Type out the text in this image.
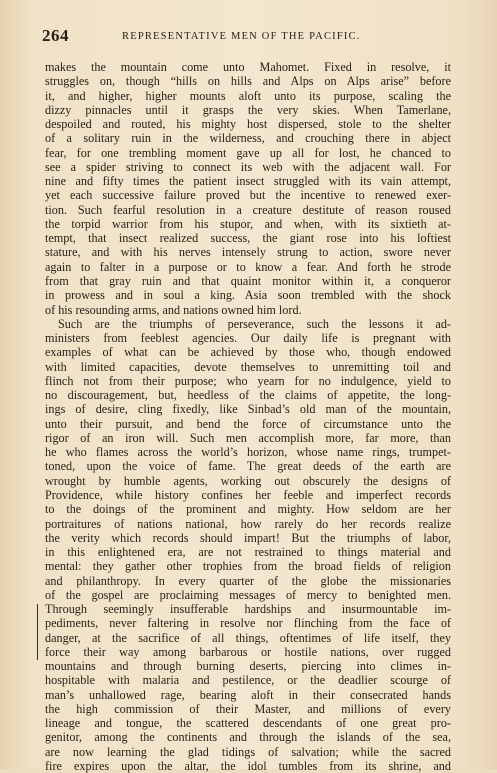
264	REPRESENTATIVE MEN OF THE PACIFIC.
makes the mountain come unto Mahomet. Fixed in resolve, it
struggles on, though “hills on hills and Alps on Alps arise” before
it, and higher, higher mounts aloft unto its purpose, scaling the
dizzy pinnacles until it grasps the very skies. When Tamerlane,
despoiled and routed, his mighty host dispersed, stole to the shelter
of a solitary ruin in the wilderness, and crouching there in abject
fear, for one trembling moment gave up all for lost, he chanced to
see a spider striving to connect its web with the adjacent wall. For
nine and fifty times the patient insect struggled with its vain attempt,
yet each successive failure proved but the incentive to renewed exer-
tion. Such fearful resolution in a creature destitute of reason roused
the torpid warrior from his stupor, and when, with its sixtieth at-
tempt, that insect realized success, the giant rose into his loftiest
stature, and with his nerves intensely strung to action, swore never
again to falter in a purpose or to know a fear. And forth he strode
from that gray ruin and that quaint monitor within it, a conqueror
in prowess and in soul a king. Asia soon trembled with the shock
of his resounding arms, and nations owned him lord.
Such are the triumphs of perseverance, such the lessons it ad-
ministers from feeblest agencies. Our daily life is pregnant with
examples of what can be achieved by those who, though endowed
with limited capacities, devote themselves to unremitting toil and
flinch not from their purpose; who yearn for no indulgence, yield to
no discouragement, but, heedless of the claims of appetite, the long-
ings of desire, cling fixedly, like Sinbad’s old man of the mountain,
unto their pursuit, and bend the force of circumstance unto the
rigor of an iron will. Such men accomplish more, far more, than
he who flames across the world’s horizon, whose name rings, trumpet-
toned, upon the voice of fame. The great deeds of the earth are
wrought by humble agents, working out obscurely the designs of
Providence, while history confines her feeble and imperfect records
to the doings of the prominent and mighty. How seldom are her
portraitures of nations national, how rarely do her records realize
the verity which records should impart! But the triumphs of labor,
in this enlightened era, are not restrained to things material and
mental: they gather other trophies from the broad fields of religion
and philanthropy. In every quarter of the globe the missionaries
of the gospel are proclaiming messages of mercy to benighted men.
Through seemingly insufferable hardships and insurmountable im-
pediments, never faltering in resolve nor flinching from the face of
danger, at the sacrifice of all things, oftentimes of life itself, they
force their way among barbarous or hostile nations, over rugged
mountains and through burning deserts, piercing into climes in-
hospitable with malaria and pestilence, or the deadlier scourge of
man’s unhallowed rage, bearing aloft in their consecrated hands
the high commission of their Master, and millions of every
lineage and tongue, the scattered descendants of one great pro-
genitor, among the continents and through the islands of the sea,
are now learning the glad tidings of salvation; while the sacred
fire expires upon the altar, the idol tumbles from its shrine, and
